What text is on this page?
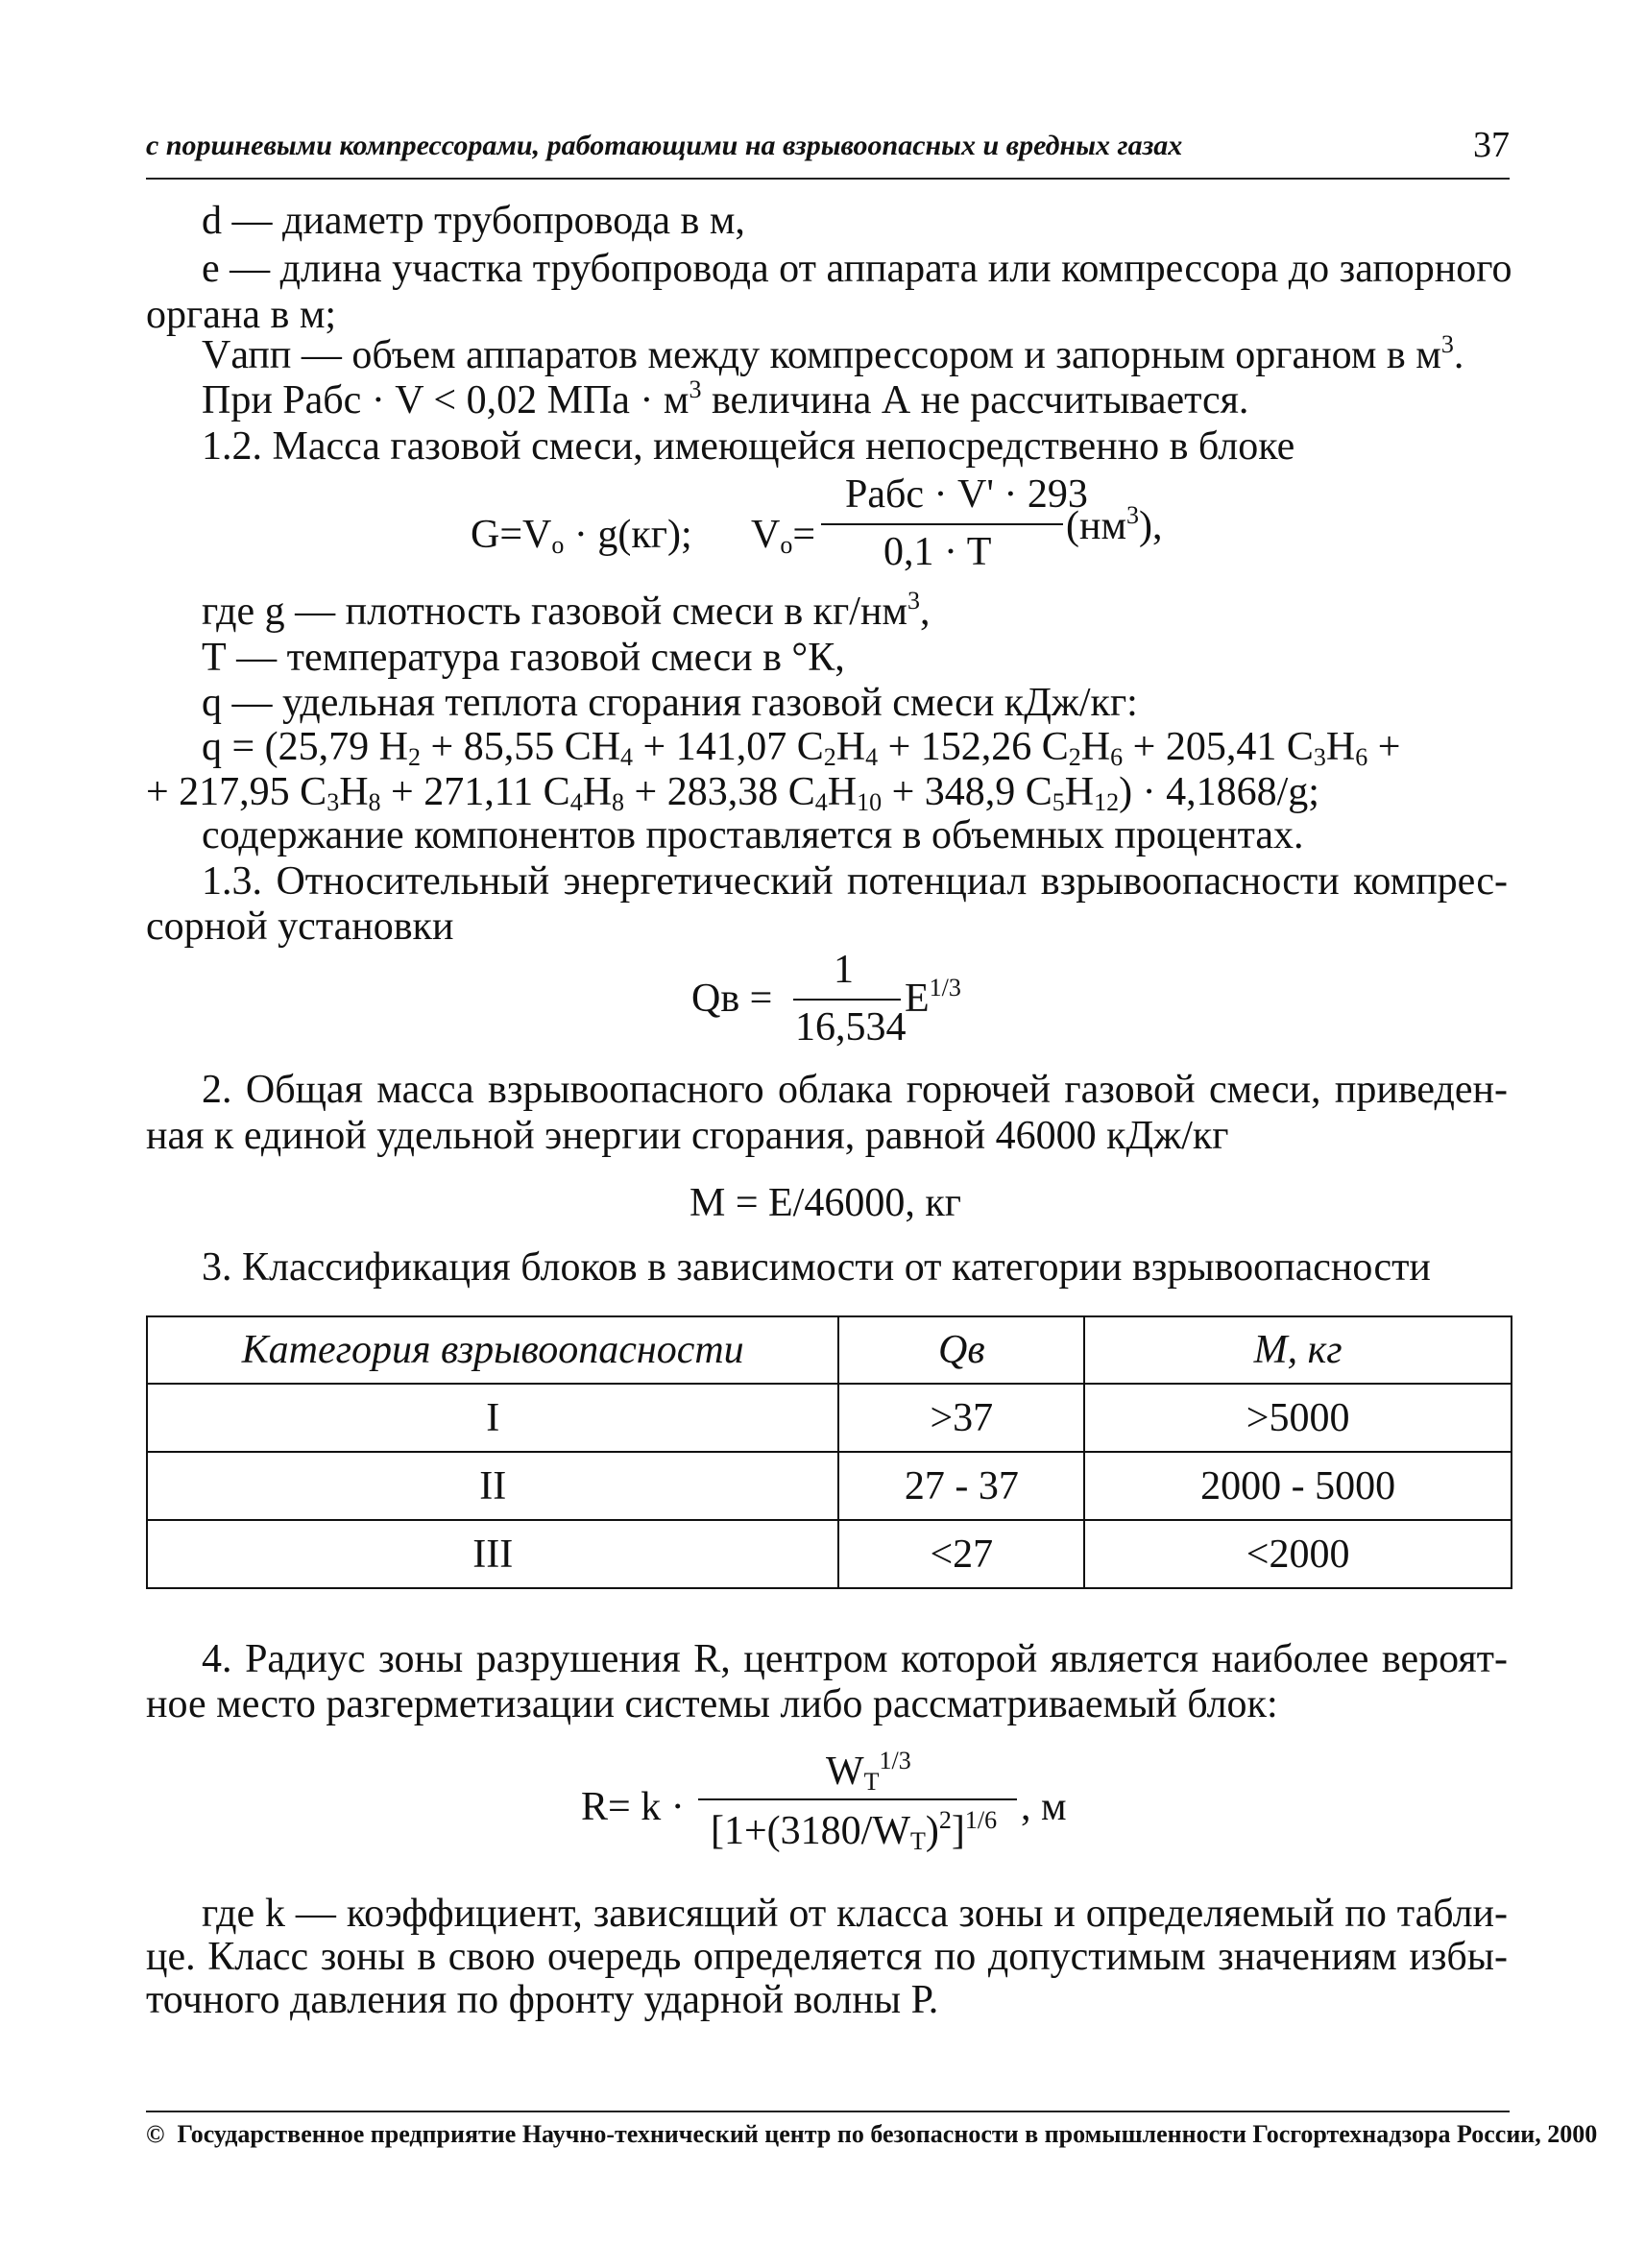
с поршневыми компрессорами, работающими на взрывоопасных и вредных газах	37
d — диаметр трубопровода в м,
е — длина участка трубопровода от аппарата или компрессора до запорного
органа в м;
Vапп — объем аппаратов между компрессором и запорным органом в $м^3$.
При Рабс · V < 0,02 МПа · $м^3$ величина А не рассчитывается.
1.2. Масса газовой смеси, имеющейся непосредственно в блоке
$G=V_o \cdot g(кг)$; $V_o=$
Рабс · V' · 293
0,1 · T
$(нм^3)$,
где g — плотность газовой смеси в $кг/нм^3$,
Т — температура газовой смеси в °К,
q — удельная теплота сгорания газовой смеси кДж/кг:
q = (25,79 $H_2 + 85,55$ $CH_4 + 141,07$ $C_2H_4 + 152,26$ $C_2H_6 + 205,41$ $C_3H_6$ +
+ 217,95 $C_3H_8 + 271,11$ $C_4H_8 + 283,38$ $C_4H_{10} + 348,9$ $C_5H_{12}) \cdot 4,1868/g$;
содержание компонентов проставляется в объемных процентах.
1.3. Относительный энергетический потенциал взрывоопасности компрес-
сорной установки
Qв =
1
16,534
$E^{1/3}$
2. Общая масса взрывоопасного облака горючей газовой смеси, приведен-
ная к единой удельной энергии сгорания, равной 46000 кДж/кг
М = Е/46000, кг
3. Классификация блоков в зависимости от категории взрывоопасности
Категория взрывоопасности	Qв	M, кг
I	>37	>5000
II	27 - 37	2000 - 5000
III	<27	<2000
4. Радиус зоны разрушения R, центром которой является наиболее вероят-
ное место разгерметизации системы либо рассматриваемый блок:
R= k ·
$W_T^{1/3}$
$[1+(3180/W_T)^2]^{1/6}$ , м
где k — коэффициент, зависящий от класса зоны и определяемый по табли-
це. Класс зоны в свою очередь определяется по допустимым значениям избы-
точного давления по фронту ударной волны Р.
© Государственное предприятие Научно-технический центр по безопасности в промышленности Госгортехнадзора России, 2000
